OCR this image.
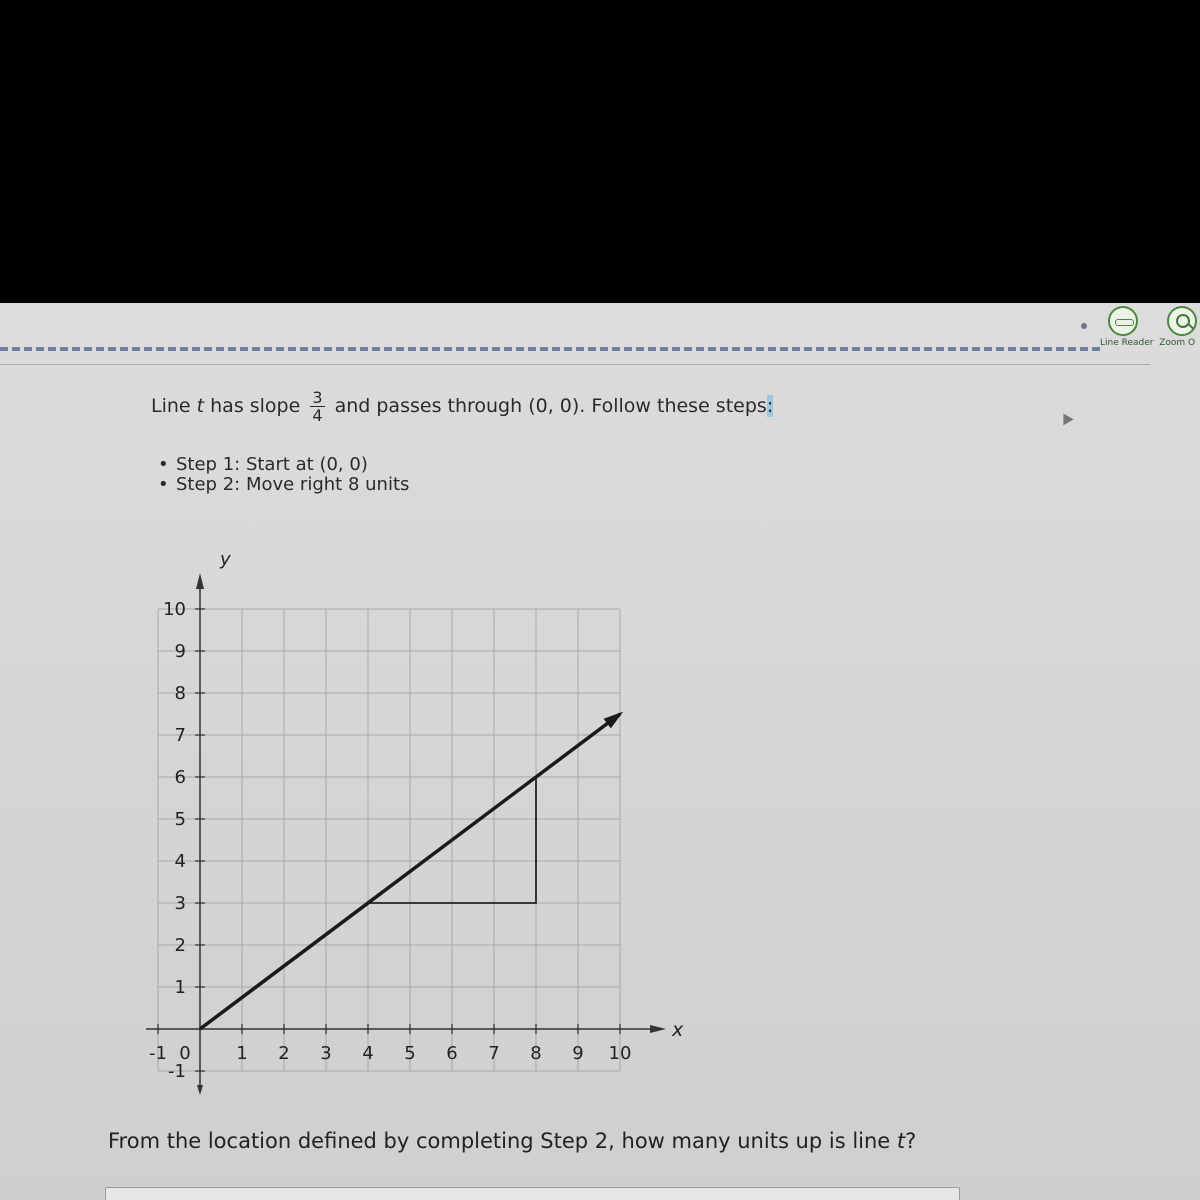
Line Reader Zoom O
Line t has slope $\frac{3}{4}$ and passes through (0, 0). Follow these steps:
• Step 1: Start at (0, 0)
• Step 2: Move right 8 units
x
y
-1 0	1 2 3 4 5 6 7 8 9 10
-1
1
2
3
4
5
6
7
8
9
10
From the location defined by completing Step 2, how many units up is line t?
